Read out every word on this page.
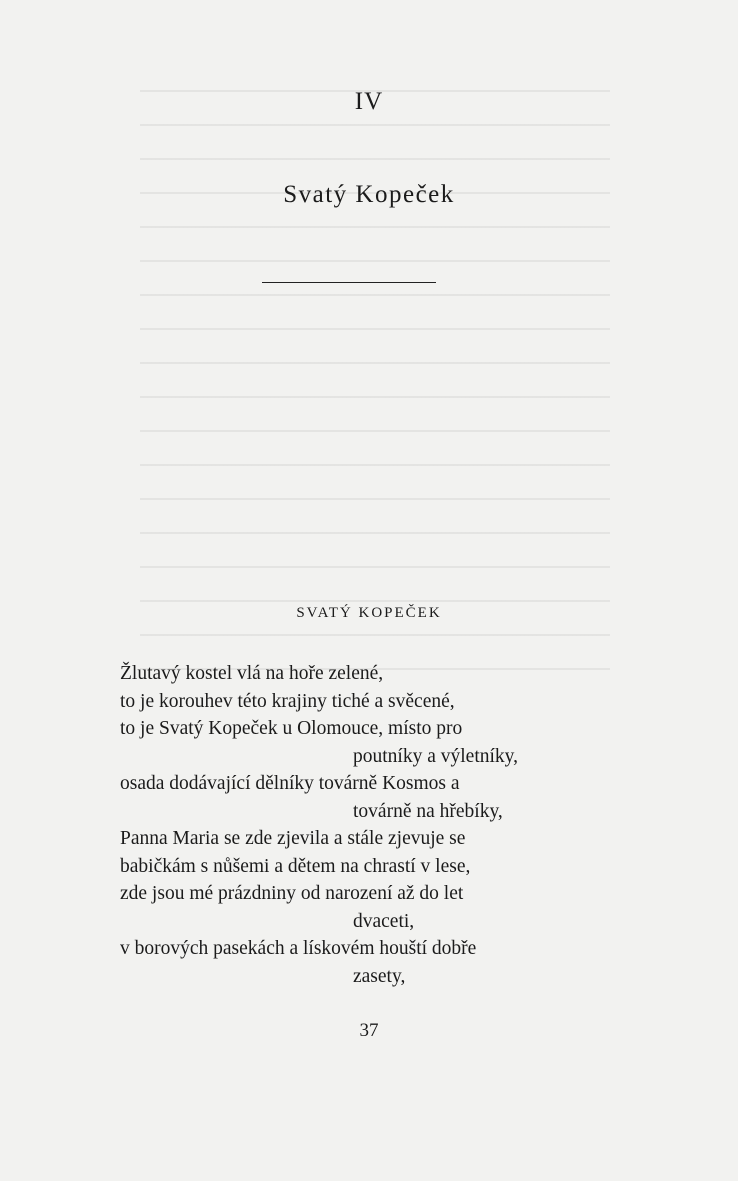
IV
Svatý Kopeček
SVATÝ KOPEČEK
Žlutavý kostel vlá na hoře zelené,
to je korouhev této krajiny tiché a svěcené,
to je Svatý Kopeček u Olomouce, místo pro
poutníky a výletníky,
osada dodávající dělníky továrně Kosmos a
továrně na hřebíky,
Panna Maria se zde zjevila a stále zjevuje se
babičkám s nůšemi a dětem na chrastí v lese,
zde jsou mé prázdniny od narození až do let
dvaceti,
v borových pasekách a lískovém houští dobře
zasety,
37
